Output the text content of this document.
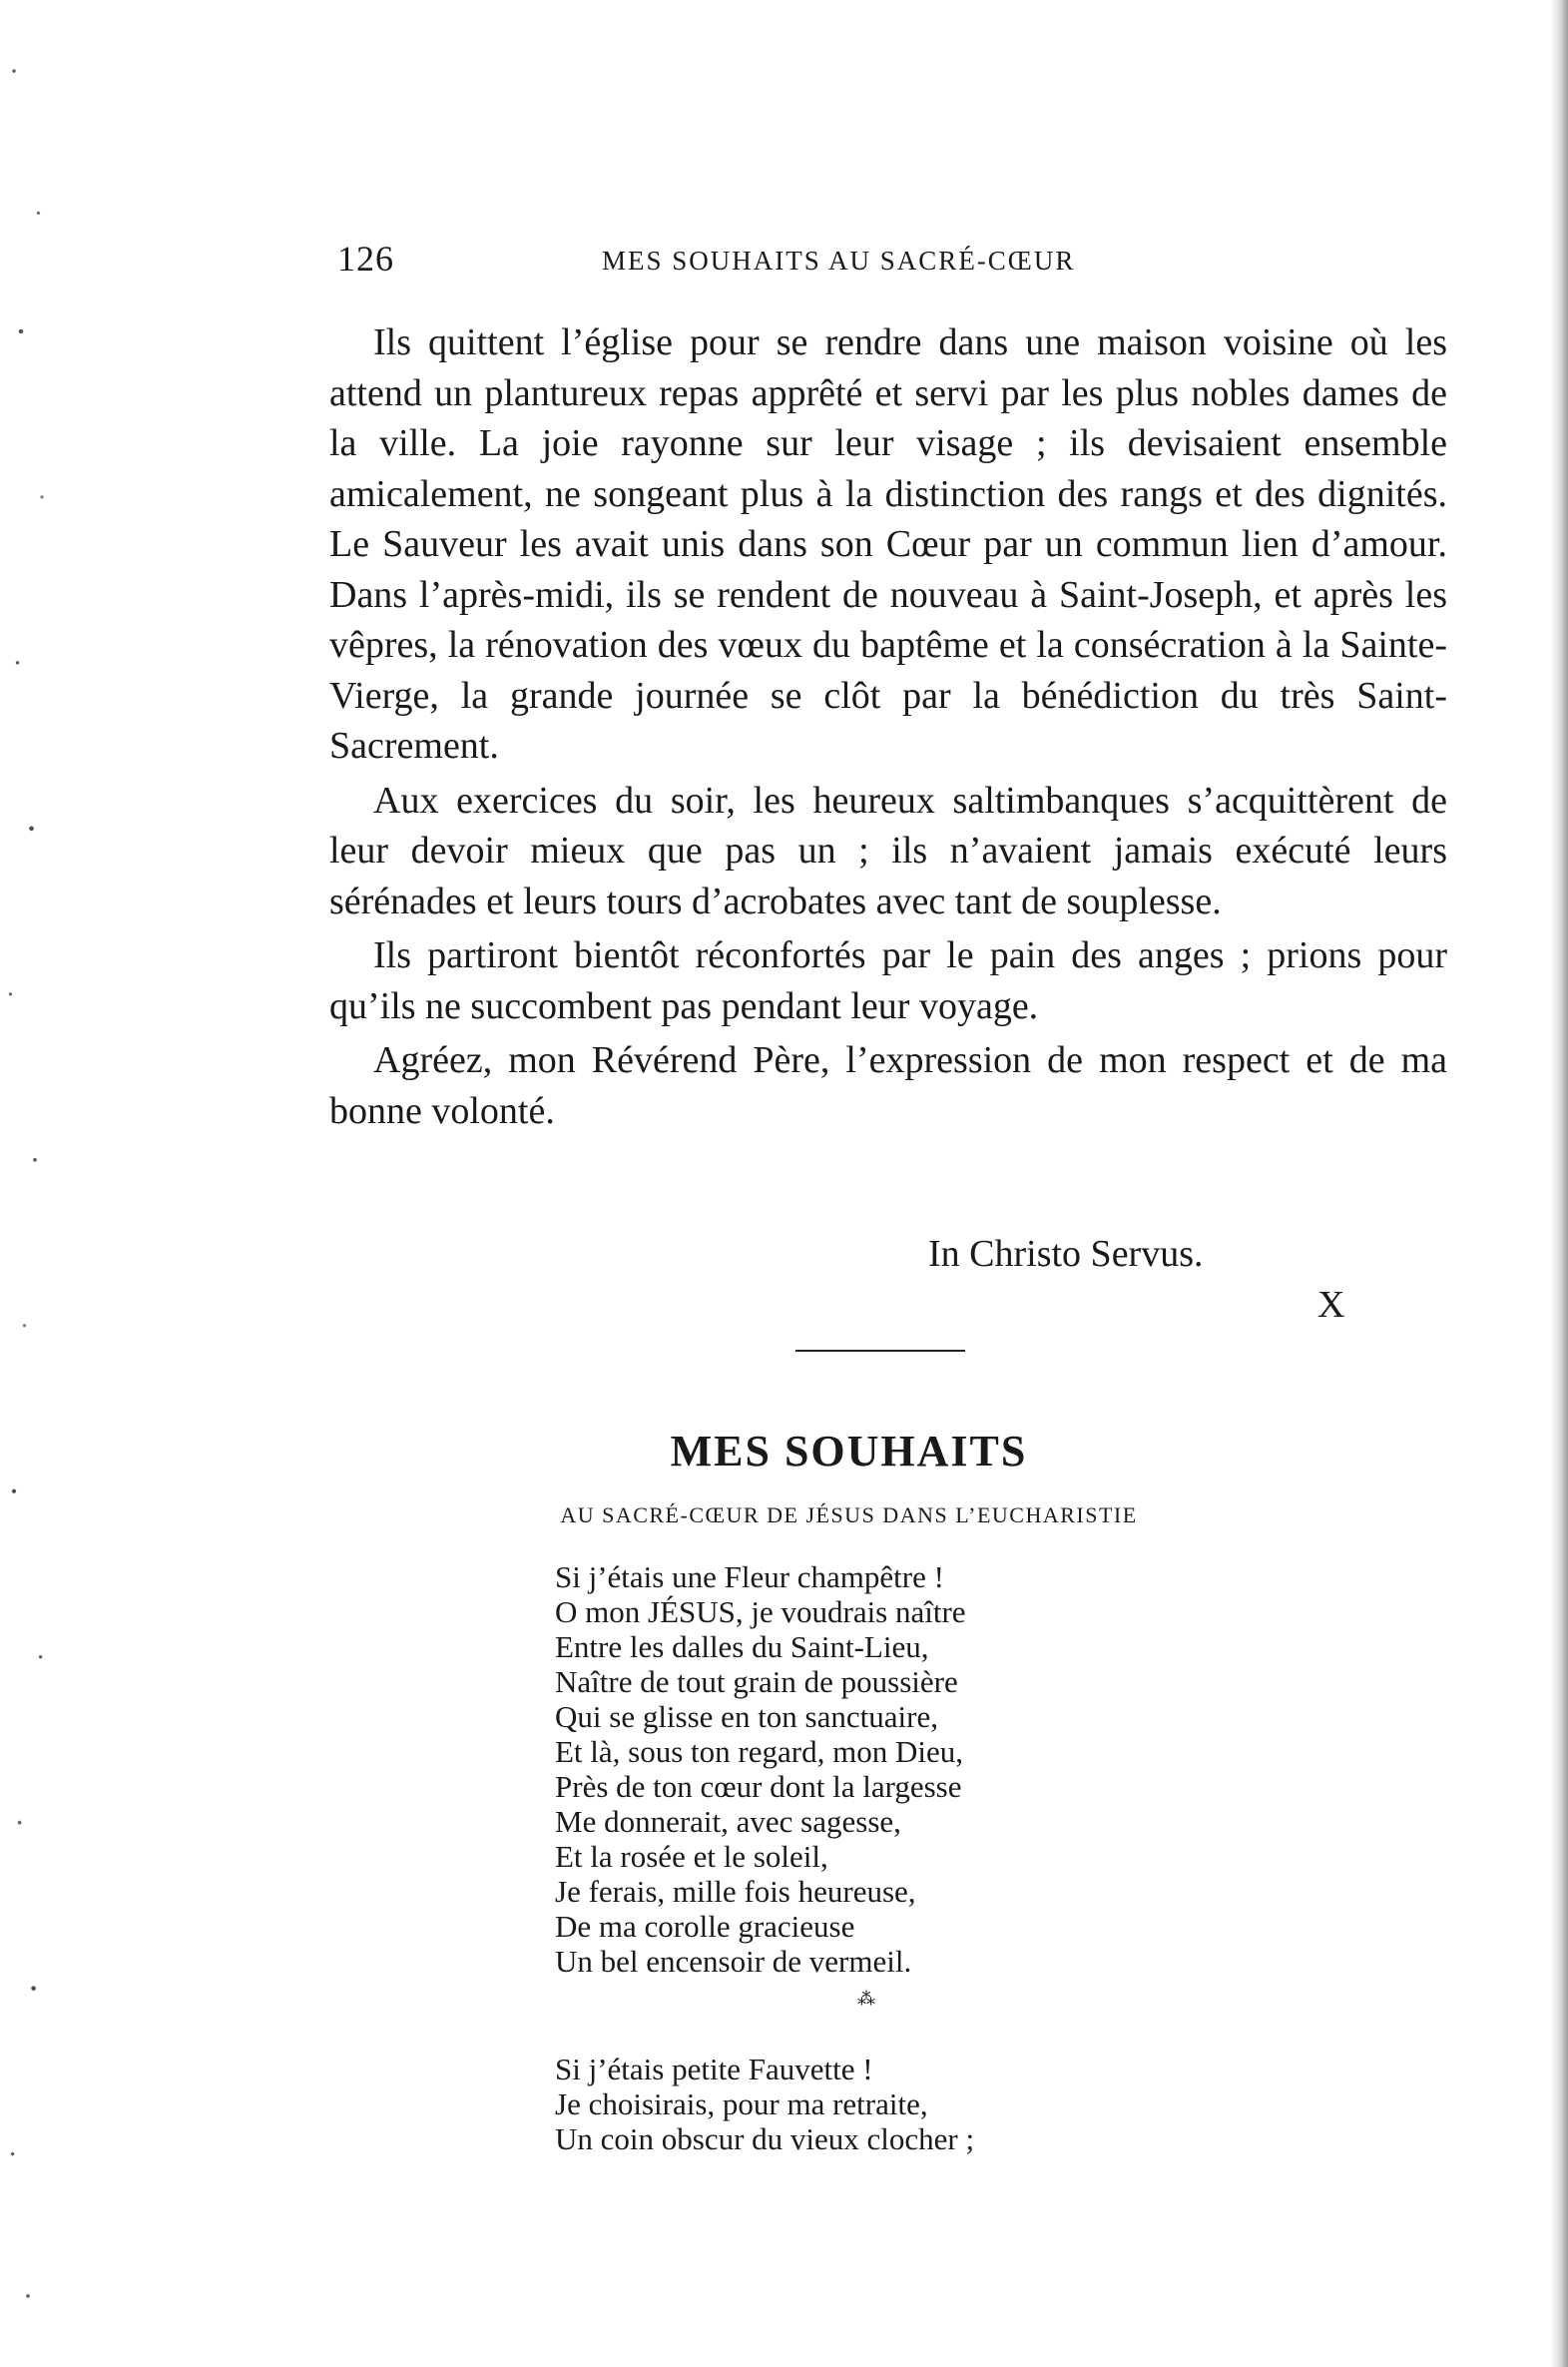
126	MES SOUHAITS AU SACRÉ-CŒUR

Ils quittent l’église pour se rendre dans une maison voisine où les attend un plantureux repas apprêté et servi par les plus nobles dames de la ville. La joie rayonne sur leur visage ; ils devisaient ensemble amicalement, ne songeant plus à la distinction des rangs et des dignités. Le Sauveur les avait unis dans son Cœur par un commun lien d’amour. Dans l’après-midi, ils se rendent de nouveau à Saint-Joseph, et après les vêpres, la rénovation des vœux du baptême et la consécration à la Sainte-Vierge, la grande journée se clôt par la bénédiction du très Saint-Sacrement.

Aux exercices du soir, les heureux saltimbanques s’acquittèrent de leur devoir mieux que pas un ; ils n’avaient jamais exécuté leurs sérénades et leurs tours d’acrobates avec tant de souplesse.

Ils partiront bientôt réconfortés par le pain des anges ; prions pour qu’ils ne succombent pas pendant leur voyage.

Agréez, mon Révérend Père, l’expression de mon respect et de ma bonne volonté.

In Christo Servus.
X
MES SOUHAITS
AU SACRÉ-CŒUR DE JÉSUS DANS L’EUCHARISTIE
Si j’étais une Fleur champêtre !
O mon JÉSUS, je voudrais naître
Entre les dalles du Saint-Lieu,
Naître de tout grain de poussière
Qui se glisse en ton sanctuaire,
Et là, sous ton regard, mon Dieu,
Près de ton cœur dont la largesse
Me donnerait, avec sagesse,
Et la rosée et le soleil,
Je ferais, mille fois heureuse,
De ma corolle gracieuse
Un bel encensoir de vermeil.
⁂
Si j’étais petite Fauvette !
Je choisirais, pour ma retraite,
Un coin obscur du vieux clocher ;
